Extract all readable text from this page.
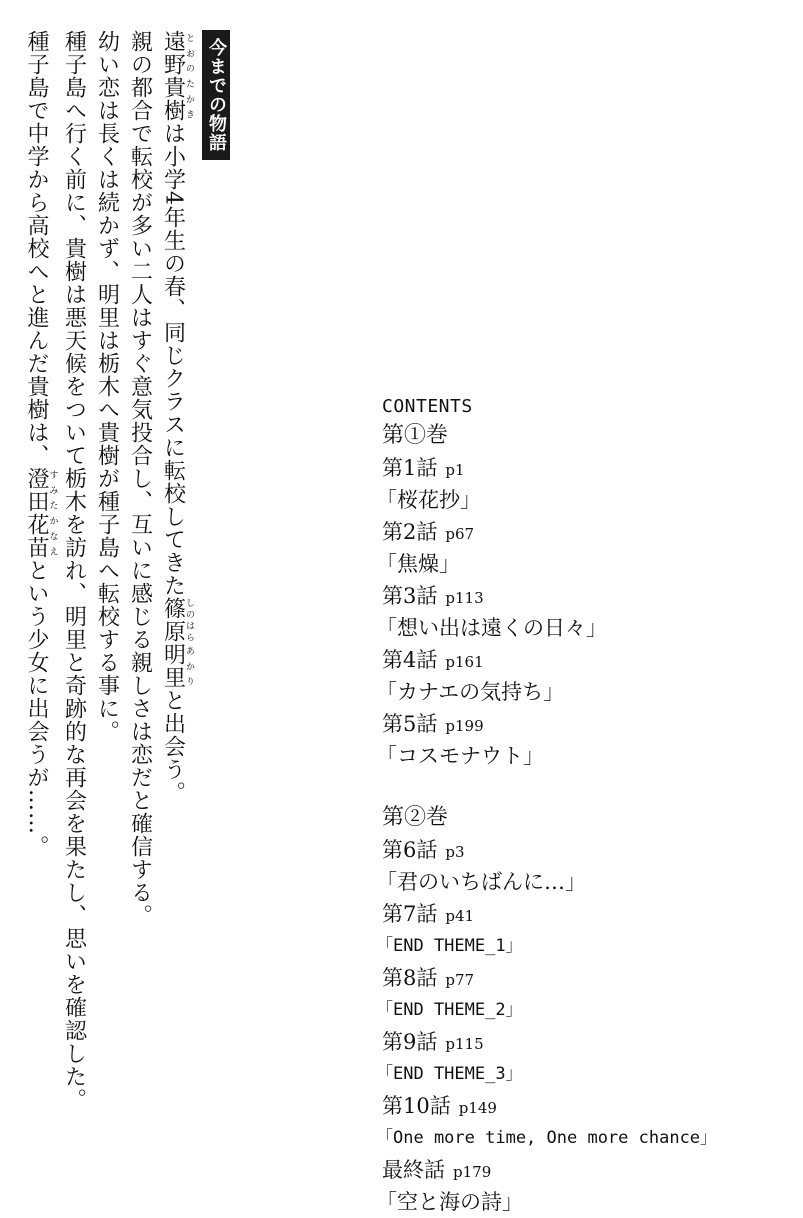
今までの物語
遠野とおの貴樹たかきは小学4年生の春、同じクラスに転校してきた篠原しのはら明里あかりと出会う。
親の都合で転校が多い二人はすぐ意気投合し、互いに感じる親しさは恋だと確信する。
幼い恋は長くは続かず、明里は栃木へ貴樹が種子島へ転校する事に。
種子島へ行く前に、貴樹は悪天候をついて栃木を訪れ、明里と奇跡的な再会を果たし、思いを確認した。
種子島で中学から高校へと進んだ貴樹は、澄田すみた花苗かなえという少女に出会うが……。
CONTENTS
第①巻
第1話 p1
「桜花抄」
第2話 p67
「焦燥」
第3話 p113
「想い出は遠くの日々」
第4話 p161
「カナエの気持ち」
第5話 p199
「コスモナウト」
第②巻
第6話 p3
「君のいちばんに…」
第7話 p41
「END THEME_1」
第8話 p77
「END THEME_2」
第9話 p115
「END THEME_3」
第10話 p149
「One more time, One more chance」
最終話 p179
「空と海の詩」
